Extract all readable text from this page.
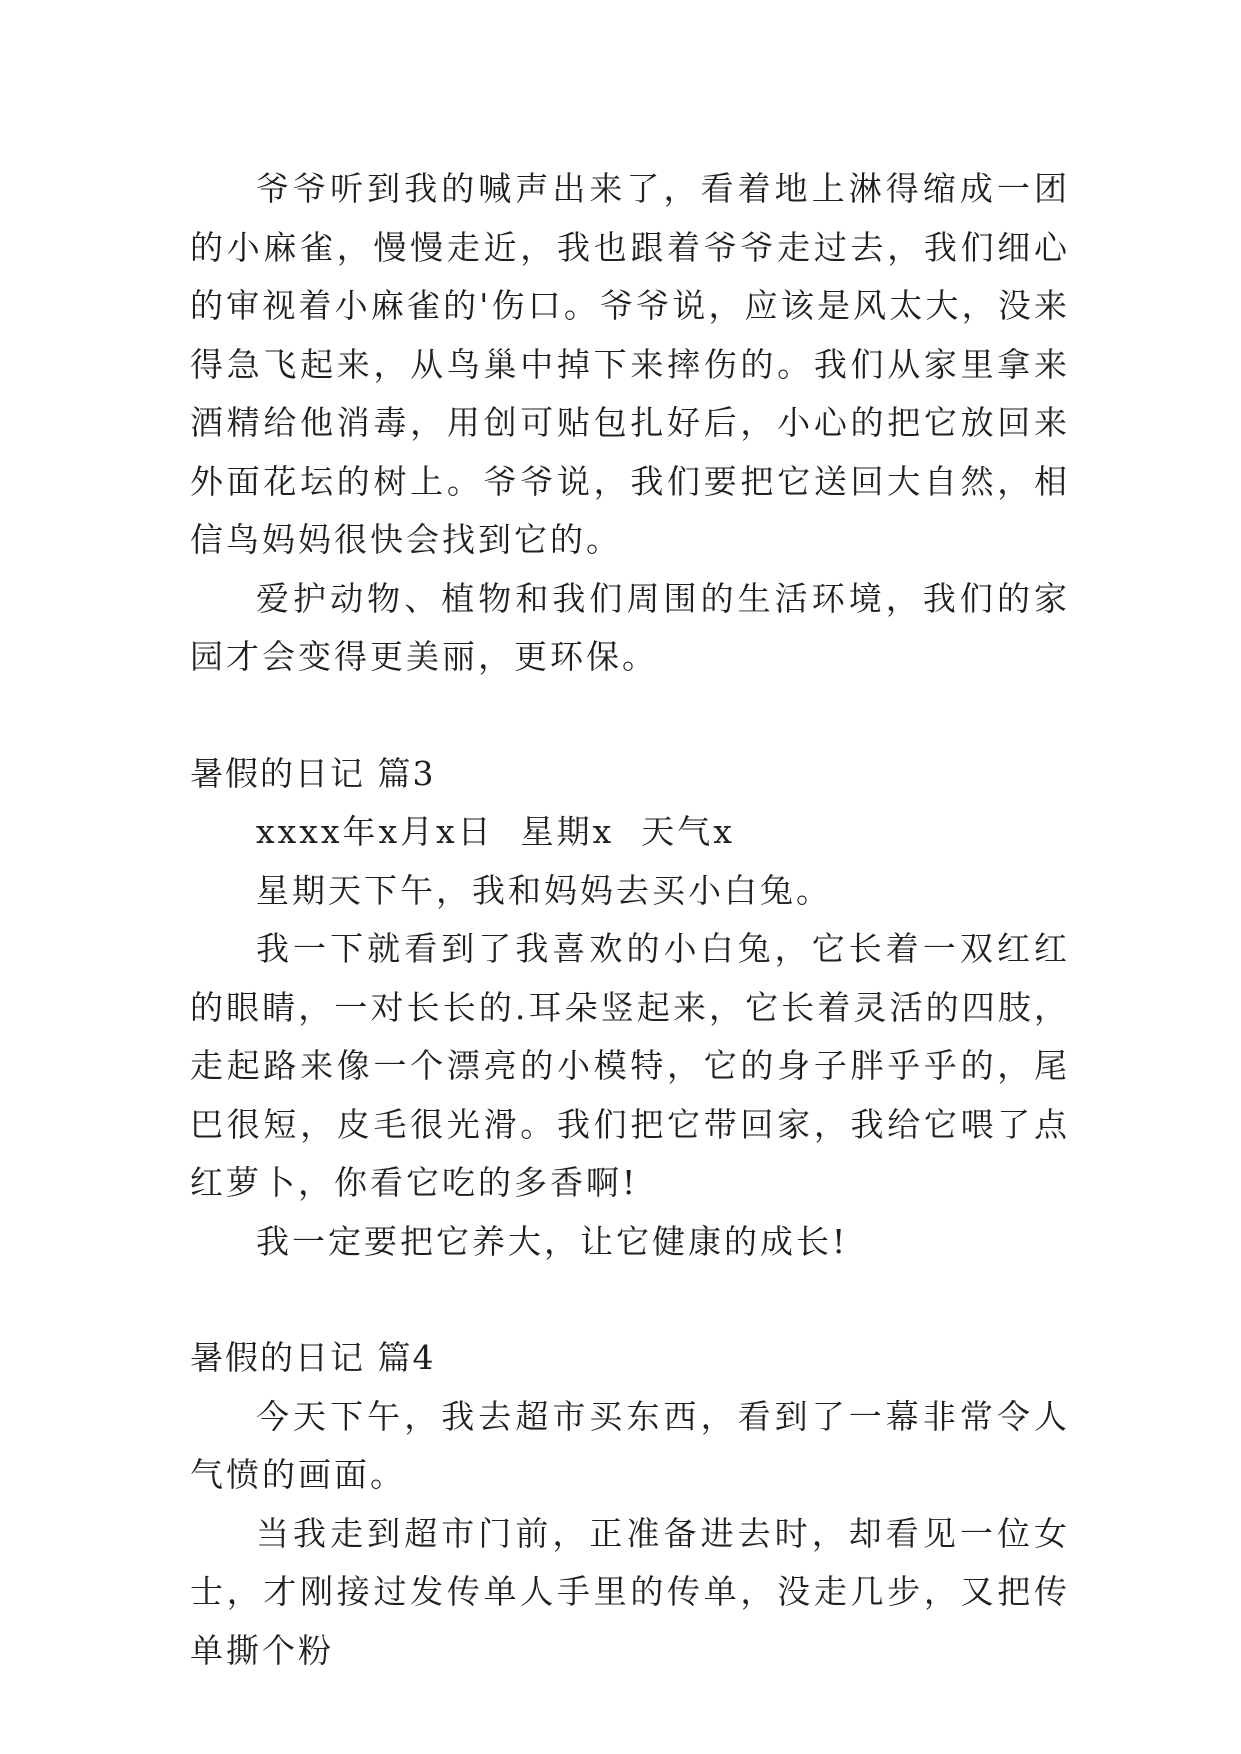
爷爷听到我的喊声出来了，看着地上淋得缩成一团的小麻雀，慢慢走近，我也跟着爷爷走过去，我们细心的审视着小麻雀的'伤口。爷爷说，应该是风太大，没来得急飞起来，从鸟巢中掉下来摔伤的。我们从家里拿来酒精给他消毒，用创可贴包扎好后，小心的把它放回来外面花坛的树上。爷爷说，我们要把它送回大自然，相信鸟妈妈很快会找到它的。

爱护动物、植物和我们周围的生活环境，我们的家园才会变得更美丽，更环保。

暑假的日记 篇3

xxxx年x月x日  星期x  天气x

星期天下午，我和妈妈去买小白兔。

我一下就看到了我喜欢的小白兔，它长着一双红红的眼睛，一对长长的.耳朵竖起来，它长着灵活的四肢，走起路来像一个漂亮的小模特，它的身子胖乎乎的，尾巴很短，皮毛很光滑。我们把它带回家，我给它喂了点红萝卜，你看它吃的多香啊!

我一定要把它养大，让它健康的成长!

暑假的日记 篇4

今天下午，我去超市买东西，看到了一幕非常令人气愤的画面。

当我走到超市门前，正准备进去时，却看见一位女士，才刚接过发传单人手里的传单，没走几步，又把传单撕个粉
